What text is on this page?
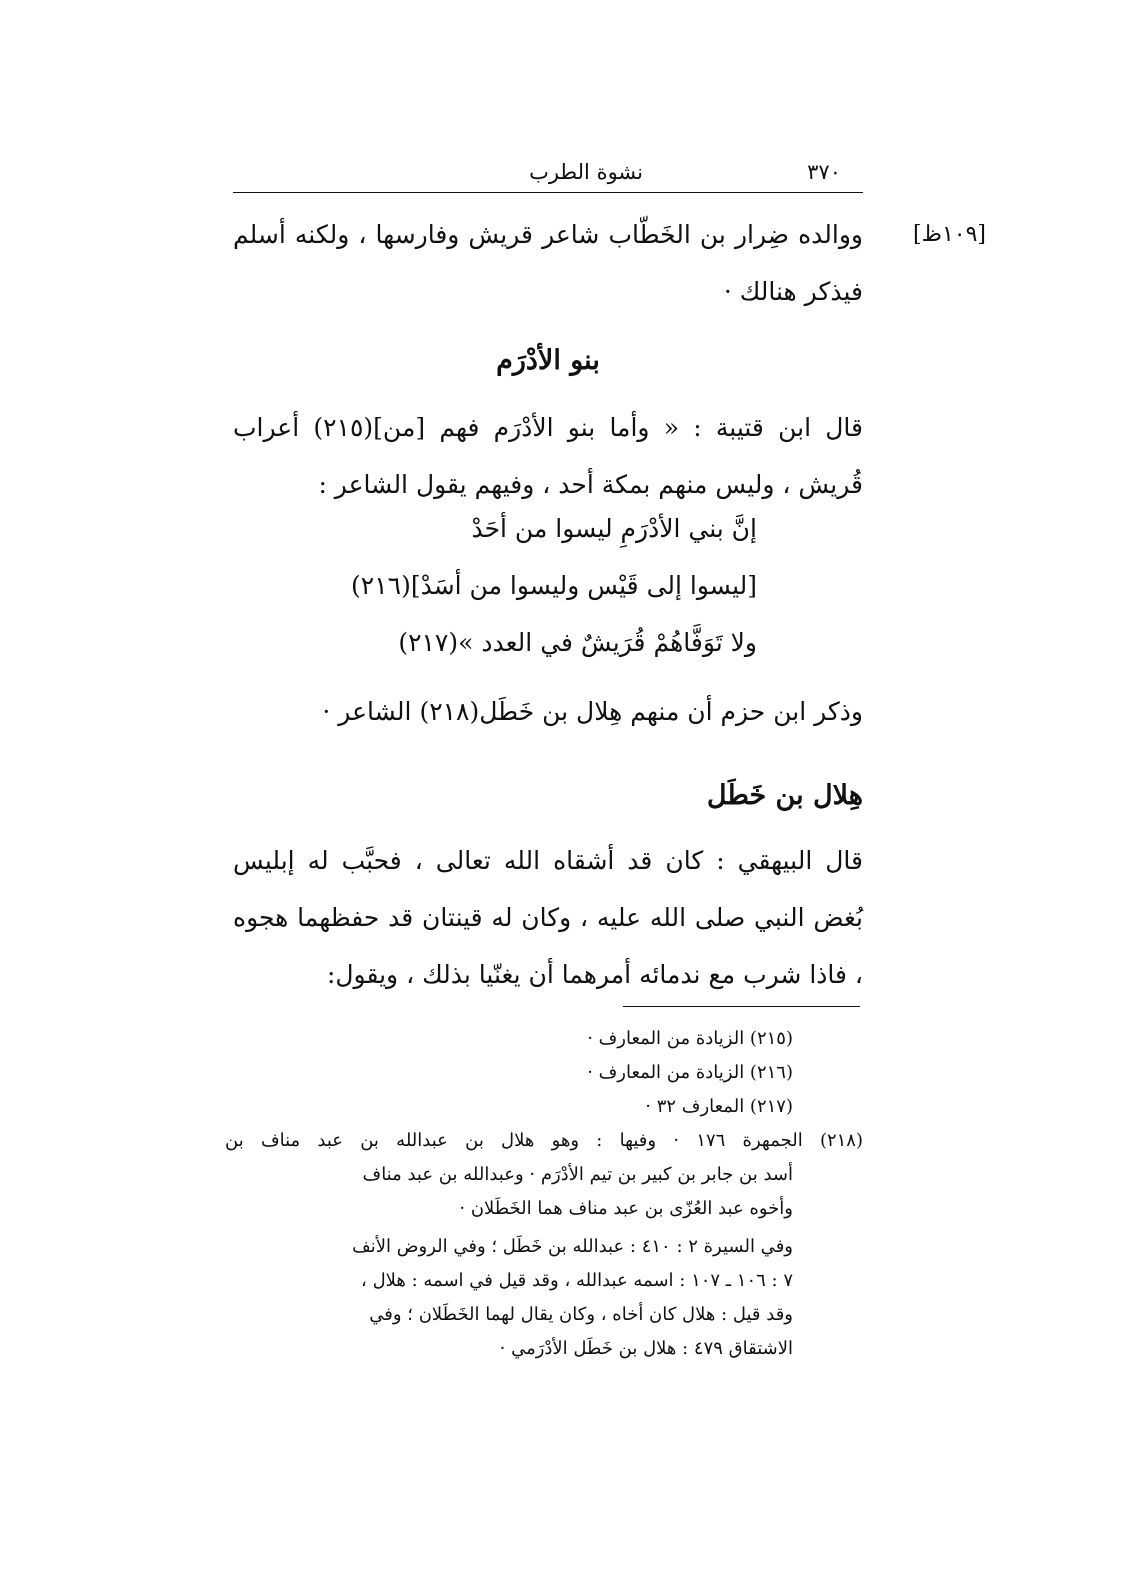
٣٧٠
نشوة الطرب
[١٠٩ظ]
ووالده ضِرار بن الخَطّاب شاعر قريش وفارسها ، ولكنه أسلم فيذكر هنالك ·
بنو الأدْرَم
قال ابن قتيبة : « وأما بنو الأدْرَم فهم [من](٢١٥) أعراب قُريش ، وليس منهم بمكة أحد ، وفيهم يقول الشاعر :
إنَّ بني الأدْرَمِ ليسوا من أحَدْ
[ليسوا إلى قَيْس وليسوا من أسَدْ](٢١٦)
ولا تَوَفَّاهُمْ قُرَيشٌ في العدد »(٢١٧)
وذكر ابن حزم أن منهم هِلال بن خَطَل(٢١٨) الشاعر ·
هِلال بن خَطَل
قال البيهقي : كان قد أشقاه الله تعالى ، فحبَّب له إبليس بُغض النبي صلى الله عليه ، وكان له قينتان قد حفظهما هجوه ، فاذا شرب مع ندمائه أمرهما أن يغنّيا بذلك ، ويقول:
(٢١٥) الزيادة من المعارف ·
(٢١٦) الزيادة من المعارف ·
(٢١٧) المعارف ٣٢ ·
(٢١٨) الجمهرة ١٧٦ · وفيها : وهو هلال بن عبدالله بن عبد مناف بن
أسد بن جابر بن كبير بن تيم الأدْرَم · وعبدالله بن عبد مناف
وأخوه عبد العُزّى بن عبد مناف هما الخَطَلان ·
وفي السيرة ٢ : ٤١٠ : عبدالله بن خَطَل ؛ وفي الروض الأنف
٧ : ١٠٦ ـ ١٠٧ : اسمه عبدالله ، وقد قيل في اسمه : هلال ،
وقد قيل : هلال كان أخاه ، وكان يقال لهما الخَطَلان ؛ وفي
الاشتقاق ٤٧٩ : هلال بن خَطَل الأدْرَمي ·
